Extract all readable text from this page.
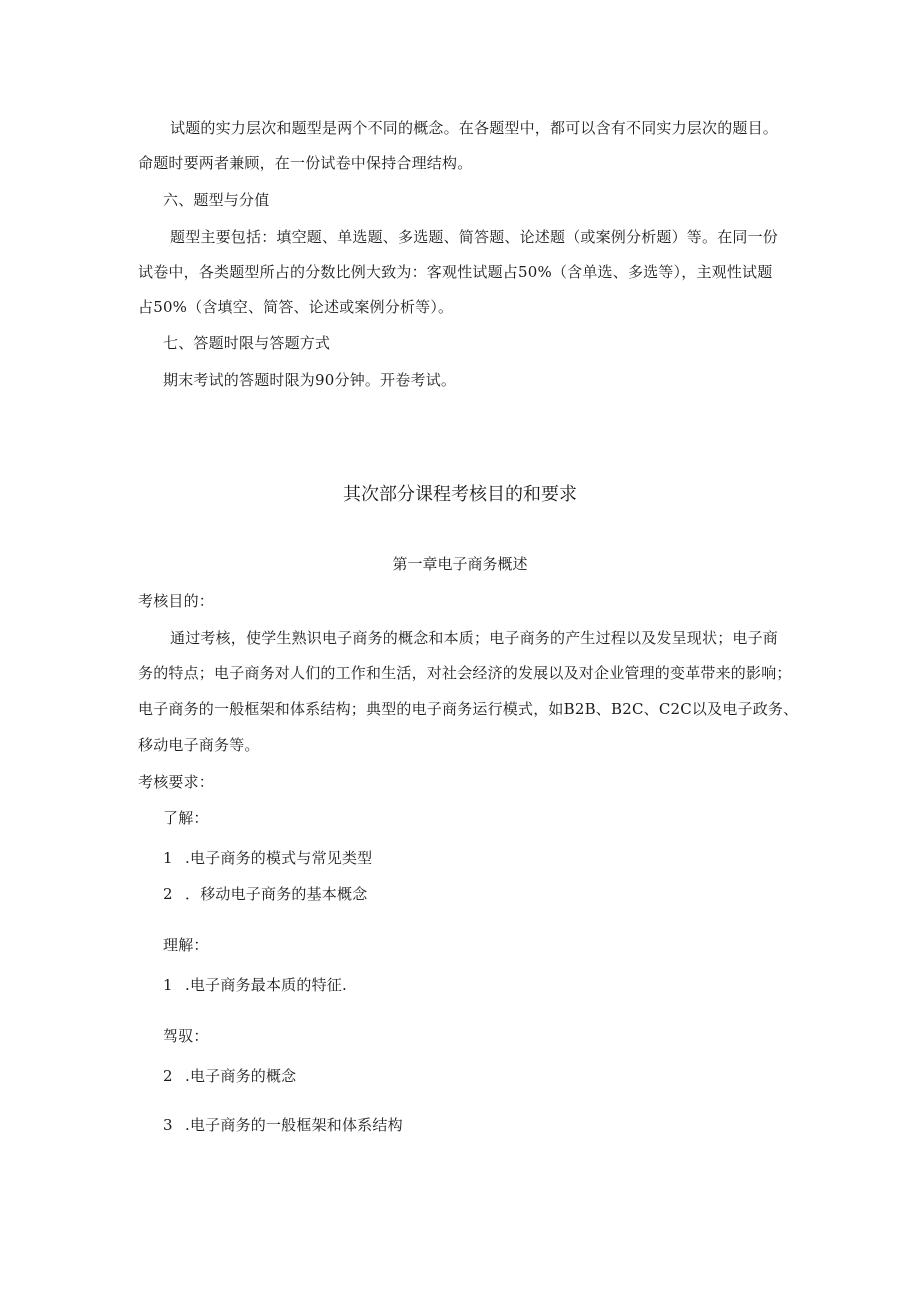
试题的实力层次和题型是两个不同的概念。在各题型中，都可以含有不同实力层次的题目。
命题时要两者兼顾，在一份试卷中保持合理结构。
六、题型与分值
题型主要包括：填空题、单选题、多选题、简答题、论述题（或案例分析题）等。在同一份
试卷中，各类题型所占的分数比例大致为：客观性试题占50%（含单选、多选等），主观性试题
占50%（含填空、简答、论述或案例分析等）。
七、答题时限与答题方式
期末考试的答题时限为90分钟。开卷考试。
其次部分课程考核目的和要求
第一章电子商务概述
考核目的：
通过考核，使学生熟识电子商务的概念和本质；电子商务的产生过程以及发呈现状；电子商
务的特点；电子商务对人们的工作和生活，对社会经济的发展以及对企业管理的变革带来的影响；
电子商务的一般框架和体系结构；典型的电子商务运行模式，如B2B、B2C、C2C以及电子政务、
移动电子商务等。
考核要求：
了解：
1 .电子商务的模式与常见类型
2 ．移动电子商务的基本概念
理解：
1 .电子商务最本质的特征.
驾驭：
2 .电子商务的概念
3 .电子商务的一般框架和体系结构
